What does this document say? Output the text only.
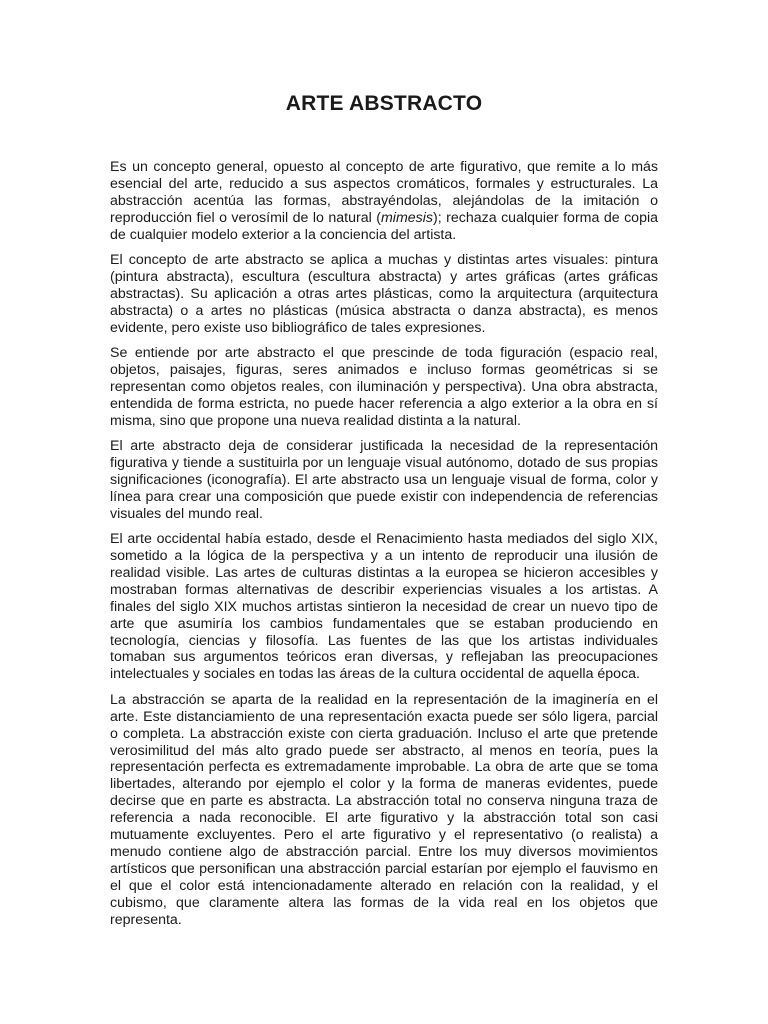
ARTE ABSTRACTO

Es un concepto general, opuesto al concepto de arte figurativo, que remite a lo más esencial del arte, reducido a sus aspectos cromáticos, formales y estructurales. La abstracción acentúa las formas, abstrayéndolas, alejándolas de la imitación o reproducción fiel o verosímil de lo natural (mimesis); rechaza cualquier forma de copia de cualquier modelo exterior a la conciencia del artista.

El concepto de arte abstracto se aplica a muchas y distintas artes visuales: pintura (pintura abstracta), escultura (escultura abstracta) y artes gráficas (artes gráficas abstractas). Su aplicación a otras artes plásticas, como la arquitectura (arquitectura abstracta) o a artes no plásticas (música abstracta o danza abstracta), es menos evidente, pero existe uso bibliográfico de tales expresiones.

Se entiende por arte abstracto el que prescinde de toda figuración (espacio real, objetos, paisajes, figuras, seres animados e incluso formas geométricas si se representan como objetos reales, con iluminación y perspectiva). Una obra abstracta, entendida de forma estricta, no puede hacer referencia a algo exterior a la obra en sí misma, sino que propone una nueva realidad distinta a la natural.

El arte abstracto deja de considerar justificada la necesidad de la representación figurativa y tiende a sustituirla por un lenguaje visual autónomo, dotado de sus propias significaciones (iconografía). El arte abstracto usa un lenguaje visual de forma, color y línea para crear una composición que puede existir con independencia de referencias visuales del mundo real.

El arte occidental había estado, desde el Renacimiento hasta mediados del siglo XIX, sometido a la lógica de la perspectiva y a un intento de reproducir una ilusión de realidad visible. Las artes de culturas distintas a la europea se hicieron accesibles y mostraban formas alternativas de describir experiencias visuales a los artistas. A finales del siglo XIX muchos artistas sintieron la necesidad de crear un nuevo tipo de arte que asumiría los cambios fundamentales que se estaban produciendo en tecnología, ciencias y filosofía. Las fuentes de las que los artistas individuales tomaban sus argumentos teóricos eran diversas, y reflejaban las preocupaciones intelectuales y sociales en todas las áreas de la cultura occidental de aquella época.

La abstracción se aparta de la realidad en la representación de la imaginería en el arte. Este distanciamiento de una representación exacta puede ser sólo ligera, parcial o completa. La abstracción existe con cierta graduación. Incluso el arte que pretende verosimilitud del más alto grado puede ser abstracto, al menos en teoría, pues la representación perfecta es extremadamente improbable. La obra de arte que se toma libertades, alterando por ejemplo el color y la forma de maneras evidentes, puede decirse que en parte es abstracta. La abstracción total no conserva ninguna traza de referencia a nada reconocible. El arte figurativo y la abstracción total son casi mutuamente excluyentes. Pero el arte figurativo y el representativo (o realista) a menudo contiene algo de abstracción parcial. Entre los muy diversos movimientos artísticos que personifican una abstracción parcial estarían por ejemplo el fauvismo en el que el color está intencionadamente alterado en relación con la realidad, y el cubismo, que claramente altera las formas de la vida real en los objetos que representa.
